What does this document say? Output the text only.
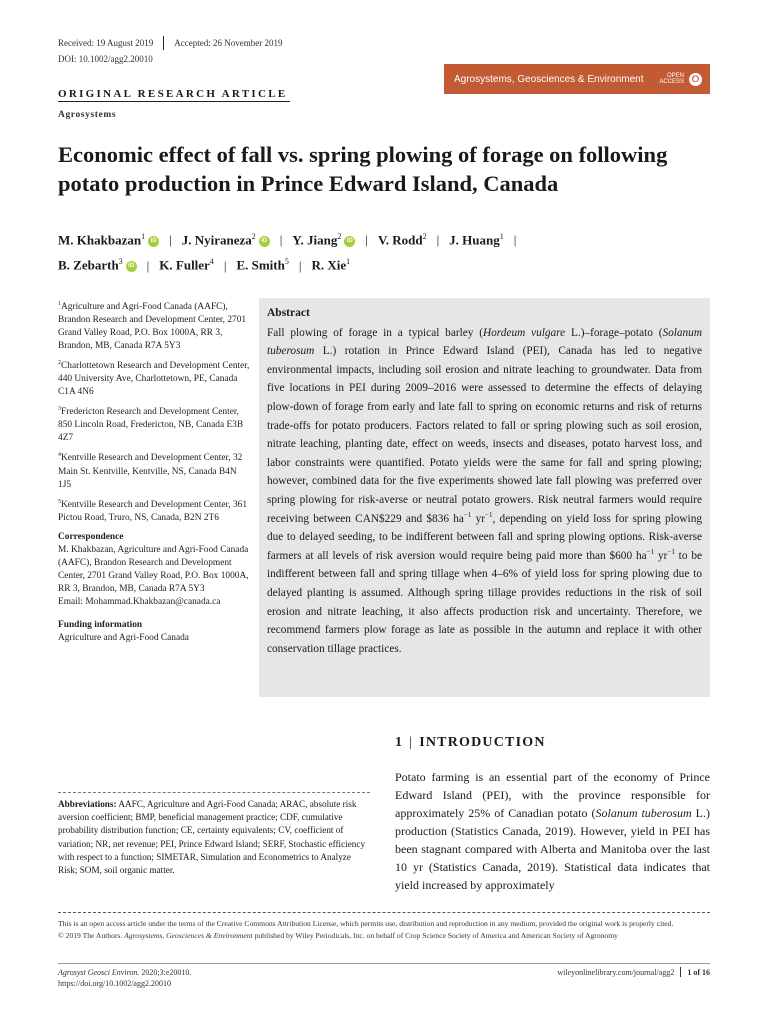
Received: 19 August 2019 Accepted: 26 November 2019
DOI: 10.1002/agg2.20010
Agrosystems, Geosciences & Environment	OPEN
ACCESS ⭘
ORIGINAL RESEARCH ARTICLE
Agrosystems
Economic effect of fall vs. spring plowing of forage on following potato production in Prince Edward Island, Canada
M. Khakbazan$^1$ iD | J. Nyiraneza$^2$ iD | Y. Jiang$^2$ iD | V. Rodd$^2$ | J. Huang$^1$ |
B. Zebarth$^3$ iD | K. Fuller$^4$ | E. Smith$^5$ | R. Xie$^1$
$^1$Agriculture and Agri-Food Canada (AAFC), Brandon Research and Development Center, 2701 Grand Valley Road, P.O. Box 1000A, RR 3, Brandon, MB, Canada R7A 5Y3
$^2$Charlottetown Research and Development Center, 440 University Ave, Charlottetown, PE, Canada C1A 4N6
$^3$Fredericton Research and Development Center, 850 Lincoln Road, Fredericton, NB, Canada E3B 4Z7
$^4$Kentville Research and Development Center, 32 Main St. Kentville, Kentville, NS, Canada B4N 1J5
$^5$Kentville Research and Development Center, 361 Pictou Road, Truro, NS, Canada, B2N 2T6
Correspondence
M. Khakbazan, Agriculture and Agri-Food Canada (AAFC), Brandon Research and Development Center, 2701 Grand Valley Road, P.O. Box 1000A, RR 3, Brandon, MB, Canada R7A 5Y3
Email: Mohammad.Khakbazan@canada.ca
Funding information
Agriculture and Agri-Food Canada
Abstract

Fall plowing of forage in a typical barley (Hordeum vulgare L.)–forage–potato (Solanum tuberosum L.) rotation in Prince Edward Island (PEI), Canada has led to negative environmental impacts, including soil erosion and nitrate leaching to groundwater. Data from five locations in PEI during 2009–2016 were assessed to determine the effects of delaying plow-down of forage from early and late fall to spring on economic returns and risk of returns trade-offs for potato producers. Factors related to fall or spring plowing such as soil erosion, nitrate leaching, planting date, effect on weeds, insects and diseases, potato harvest loss, and labor constraints were quantified. Potato yields were the same for fall and spring plowing; however, combined data for the five experiments showed late fall plowing was preferred over spring plowing for risk-averse or neutral potato growers. Risk neutral farmers would require receiving between CAN$229 and $836 $ha^{-1}$ $yr^{-1}$, depending on yield loss for spring plowing due to delayed seeding, to be indifferent between fall and spring plowing options. Risk-averse farmers at all levels of risk aversion would require being paid more than $600 $ha^{-1}$ $yr^{-1}$ to be indifferent between fall and spring tillage when 4–6% of yield loss for spring plowing due to delayed planting is assumed. Although spring tillage provides reductions in the risk of soil erosion and nitrate leaching, it also affects production risk and uncertainty. Therefore, we recommend farmers plow forage as late as possible in the autumn and replace it with other conservation tillage practices.

1 | INTRODUCTION

Potato farming is an essential part of the economy of Prince Edward Island (PEI), with the province responsible for approximately 25% of Canadian potato (Solanum tuberosum L.) production (Statistics Canada, 2019). However, yield in PEI has been stagnant compared with Alberta and Manitoba over the last 10 yr (Statistics Canada, 2019). Statistical data indicates that yield increased by approximately

Abbreviations: AAFC, Agriculture and Agri-Food Canada; ARAC, absolute risk aversion coefficient; BMP, beneficial management practice; CDF, cumulative probability distribution function; CE, certainty equivalents; CV, coefficient of variation; NR, net revenue; PEI, Prince Edward Island; SERF, Stochastic efficiency with respect to a function; SIMETAR, Simulation and Econometrics to Analyze Risk; SOM, soil organic matter.
This is an open access article under the terms of the Creative Commons Attribution License, which permits use, distribution and reproduction in any medium, provided the original work is properly cited.
© 2019 The Authors. Agrosystems, Geosciences & Environment published by Wiley Periodicals, Inc. on behalf of Crop Science Society of America and American Society of Agronomy
Agrosyst Geosci Environ. 2020;3:e20010.
https://doi.org/10.1002/agg2.20010
wileyonlinelibrary.com/journal/agg2 1 of 16
